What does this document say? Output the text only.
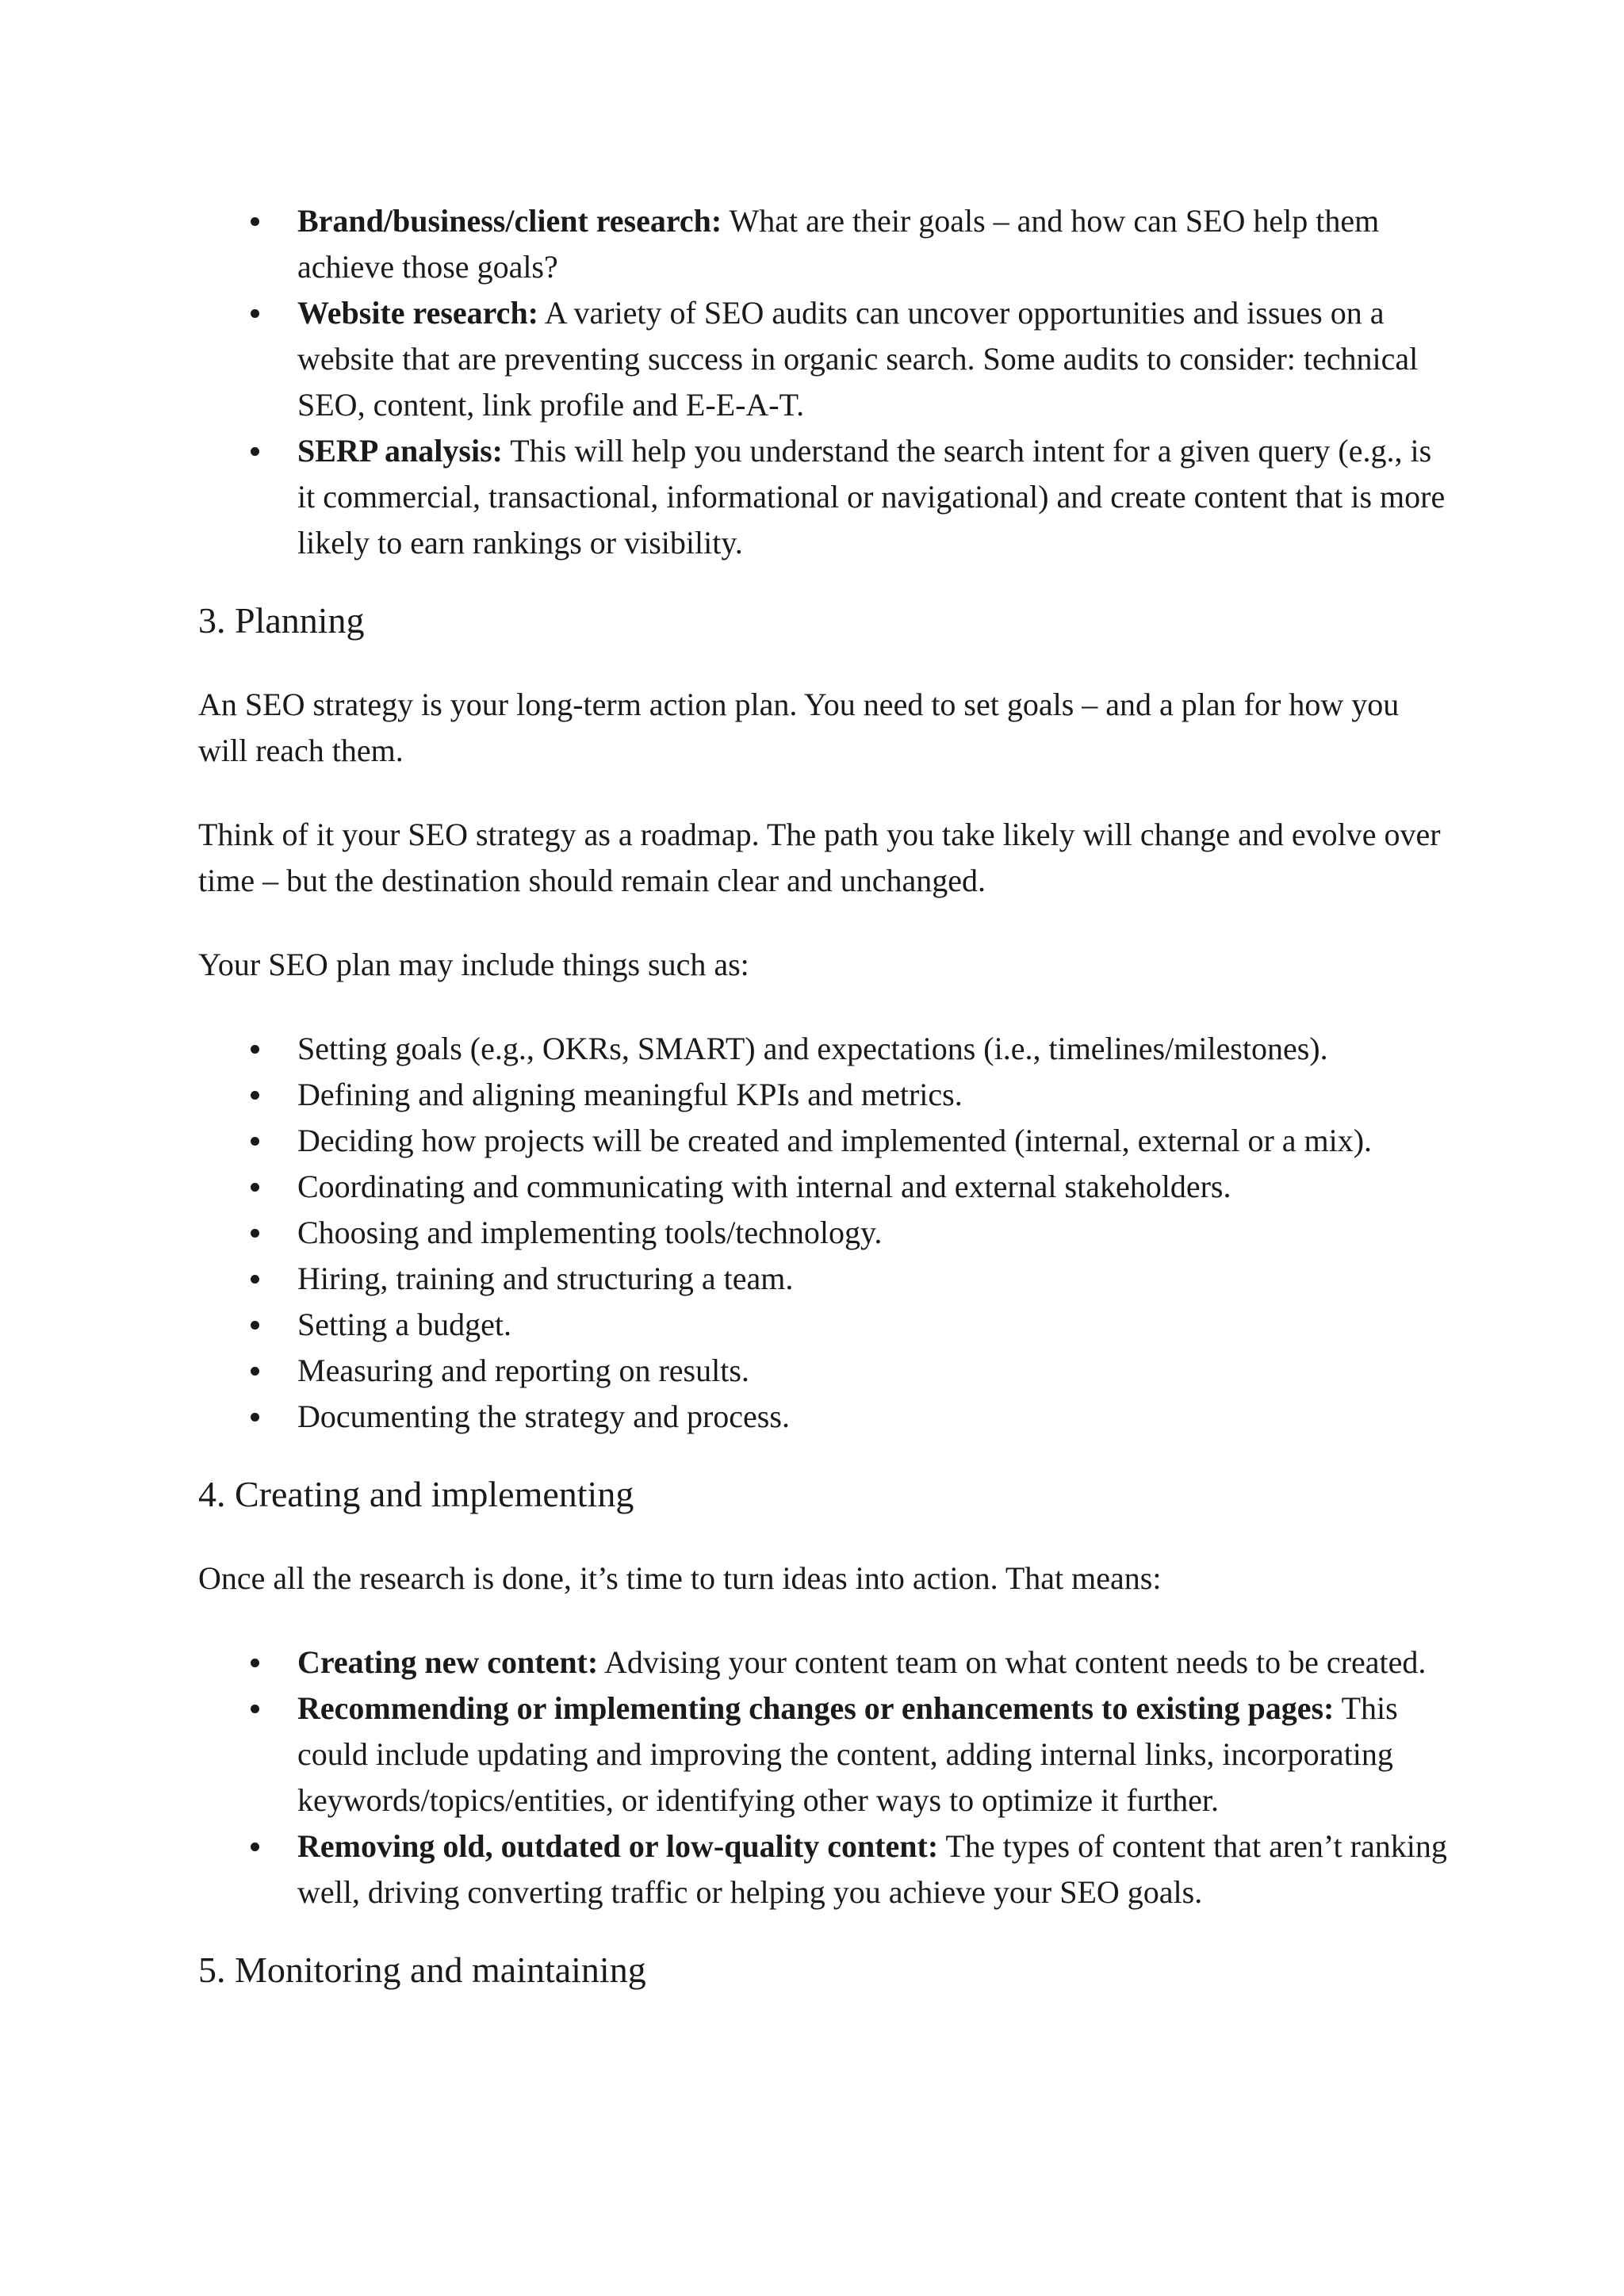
Brand/business/client research: What are their goals – and how can SEO help them achieve those goals?
Website research: A variety of SEO audits can uncover opportunities and issues on a website that are preventing success in organic search. Some audits to consider: technical SEO, content, link profile and E-E-A-T.
SERP analysis: This will help you understand the search intent for a given query (e.g., is it commercial, transactional, informational or navigational) and create content that is more likely to earn rankings or visibility.
3. Planning

An SEO strategy is your long-term action plan. You need to set goals – and a plan for how you will reach them.

Think of it your SEO strategy as a roadmap. The path you take likely will change and evolve over time – but the destination should remain clear and unchanged.

Your SEO plan may include things such as:

Setting goals (e.g., OKRs, SMART) and expectations (i.e., timelines/milestones).
Defining and aligning meaningful KPIs and metrics.
Deciding how projects will be created and implemented (internal, external or a mix).
Coordinating and communicating with internal and external stakeholders.
Choosing and implementing tools/technology.
Hiring, training and structuring a team.
Setting a budget.
Measuring and reporting on results.
Documenting the strategy and process.
4. Creating and implementing

Once all the research is done, it’s time to turn ideas into action. That means:

Creating new content: Advising your content team on what content needs to be created.
Recommending or implementing changes or enhancements to existing pages: This could include updating and improving the content, adding internal links, incorporating keywords/topics/entities, or identifying other ways to optimize it further.
Removing old, outdated or low-quality content: The types of content that aren’t ranking well, driving converting traffic or helping you achieve your SEO goals.
5. Monitoring and maintaining
